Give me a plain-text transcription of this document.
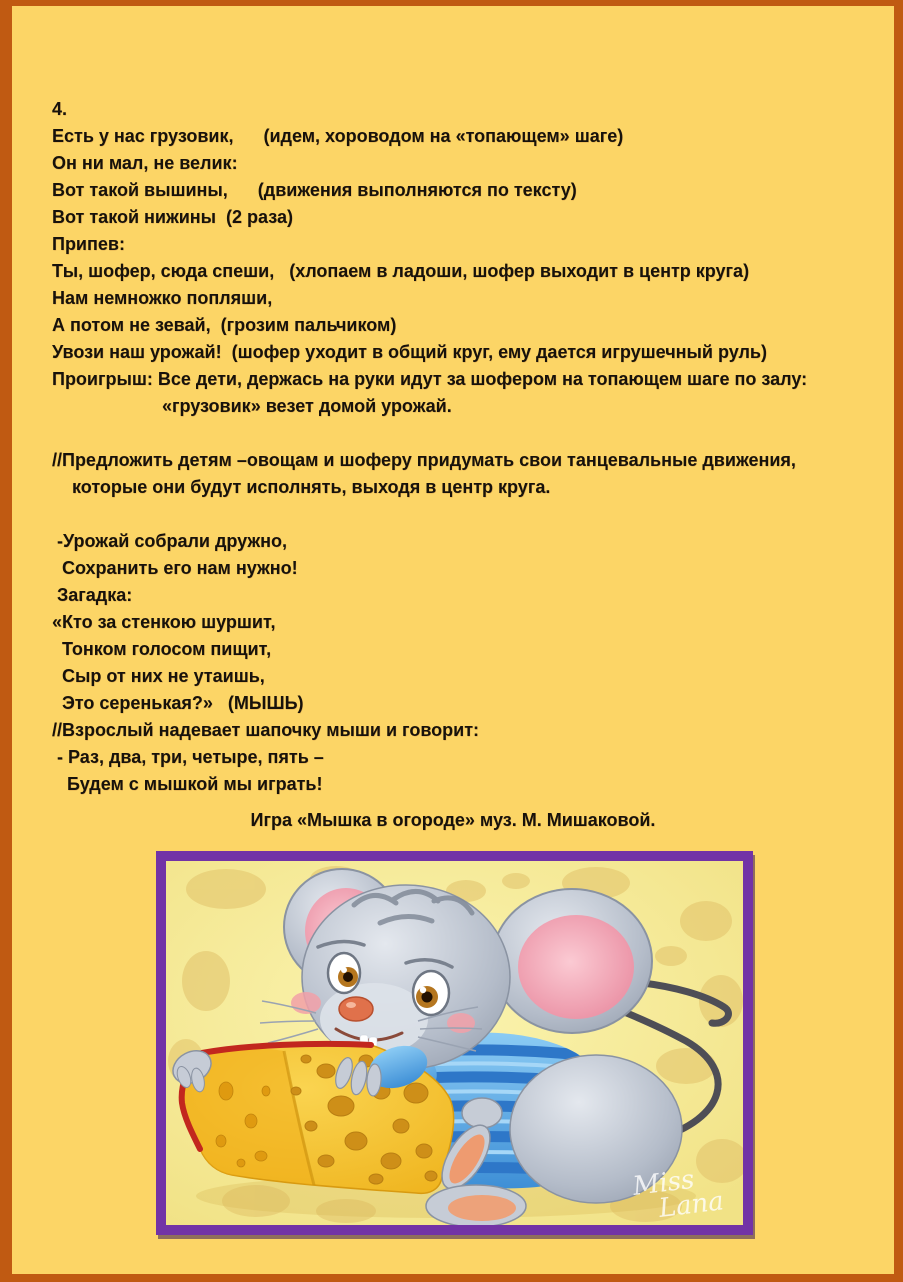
4.
Есть у нас грузовик,      (идем, хороводом на «топающем» шаге)
Он ни мал, не велик:
Вот такой вышины,      (движения выполняются по тексту)
Вот такой нижины  (2 раза)
Припев:
Ты, шофер, сюда спеши,   (хлопаем в ладоши, шофер выходит в центр круга)
Нам немножко попляши,
А потом не зевай,  (грозим пальчиком)
Увози наш урожай!  (шофер уходит в общий круг, ему дается игрушечный руль)
Проигрыш: Все дети, держась на руки идут за шофером на топающем шаге по залу:
«грузовик» везет домой урожай.
//Предложить детям –овощам и шоферу придумать свои танцевальные движения,
которые они будут исполнять, выходя в центр круга.
-Урожай собрали дружно,
Сохранить его нам нужно!
Загадка:
«Кто за стенкою шуршит,
Тонком голосом пищит,
Сыр от них не утаишь,
Это серенькая?»   (МЫШЬ)
//Взрослый надевает шапочку мыши и говорит:
- Раз, два, три, четыре, пять –
Будем с мышкой мы играть!
Игра «Мышка в огороде» муз. М. Мишаковой.
Miss
Lana
